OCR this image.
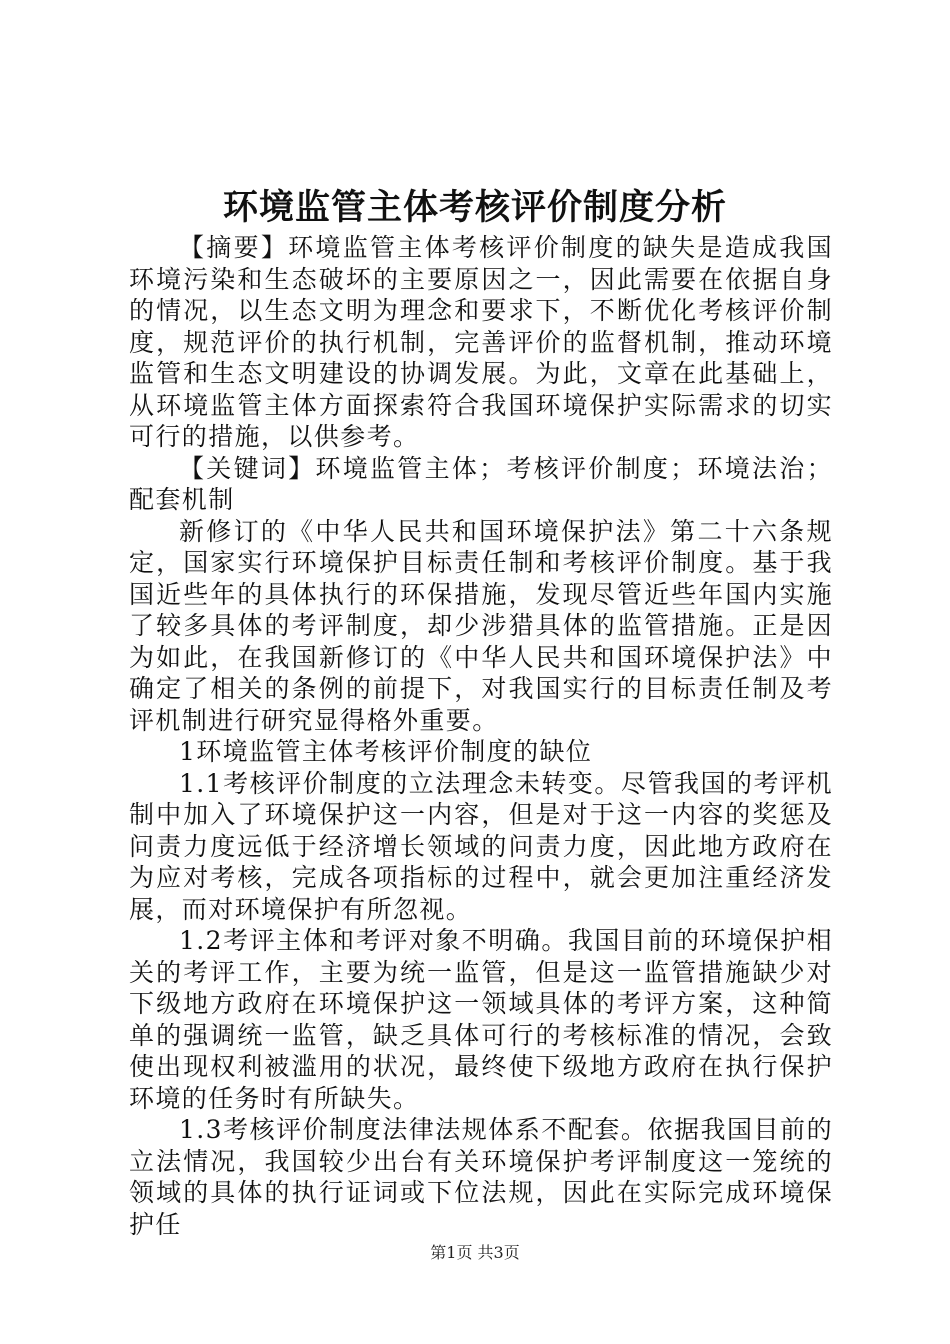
环境监管主体考核评价制度分析

【摘要】环境监管主体考核评价制度的缺失是造成我国环境污染和生态破坏的主要原因之一，因此需要在依据自身的情况，以生态文明为理念和要求下，不断优化考核评价制度，规范评价的执行机制，完善评价的监督机制，推动环境监管和生态文明建设的协调发展。为此，文章在此基础上，从环境监管主体方面探索符合我国环境保护实际需求的切实可行的措施，以供参考。

【关键词】环境监管主体；考核评价制度；环境法治；配套机制

新修订的《中华人民共和国环境保护法》第二十六条规定，国家实行环境保护目标责任制和考核评价制度。基于我国近些年的具体执行的环保措施，发现尽管近些年国内实施了较多具体的考评制度，却少涉猎具体的监管措施。正是因为如此，在我国新修订的《中华人民共和国环境保护法》中确定了相关的条例的前提下，对我国实行的目标责任制及考评机制进行研究显得格外重要。

1环境监管主体考核评价制度的缺位

1.1考核评价制度的立法理念未转变。尽管我国的考评机制中加入了环境保护这一内容，但是对于这一内容的奖惩及问责力度远低于经济增长领域的问责力度，因此地方政府在为应对考核，完成各项指标的过程中，就会更加注重经济发展，而对环境保护有所忽视。

1.2考评主体和考评对象不明确。我国目前的环境保护相关的考评工作，主要为统一监管，但是这一监管措施缺少对下级地方政府在环境保护这一领域具体的考评方案，这种简单的强调统一监管，缺乏具体可行的考核标准的情况，会致使出现权利被滥用的状况，最终使下级地方政府在执行保护环境的任务时有所缺失。

1.3考核评价制度法律法规体系不配套。依据我国目前的立法情况，我国较少出台有关环境保护考评制度这一笼统的领域的具体的执行证词或下位法规，因此在实际完成环境保护任

第1页 共3页
